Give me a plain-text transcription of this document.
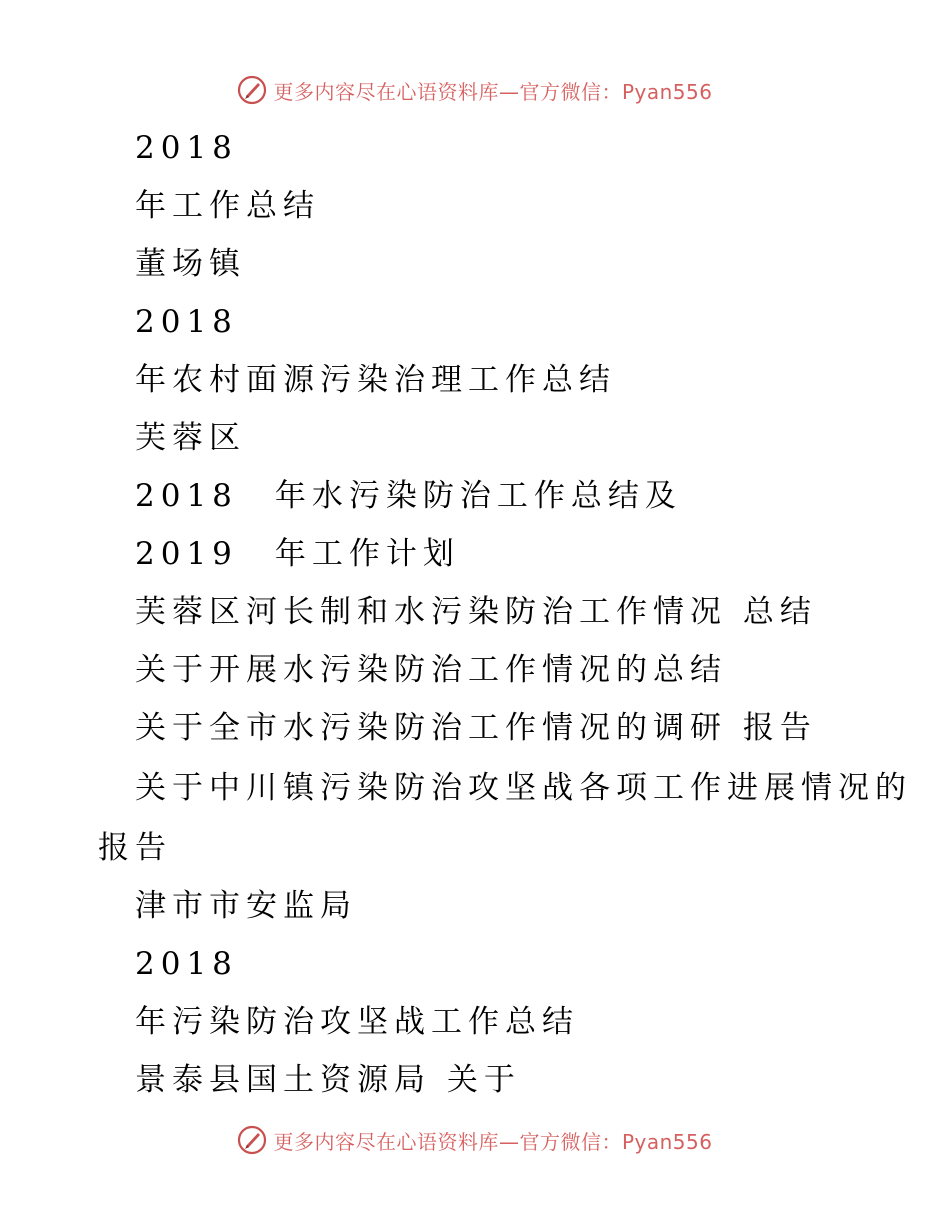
更多内容尽在心语资料库—官方微信：Pyan556
2018
年工作总结
董场镇
2018
年农村面源污染治理工作总结
芙蓉区
2018　年水污染防治工作总结及
2019　年工作计划
芙蓉区河长制和水污染防治工作情况 总结
关于开展水污染防治工作情况的总结
关于全市水污染防治工作情况的调研 报告
关于中川镇污染防治攻坚战各项工作进展情况的
报告
津市市安监局
2018
年污染防治攻坚战工作总结
景泰县国土资源局 关于
更多内容尽在心语资料库—官方微信：Pyan556
